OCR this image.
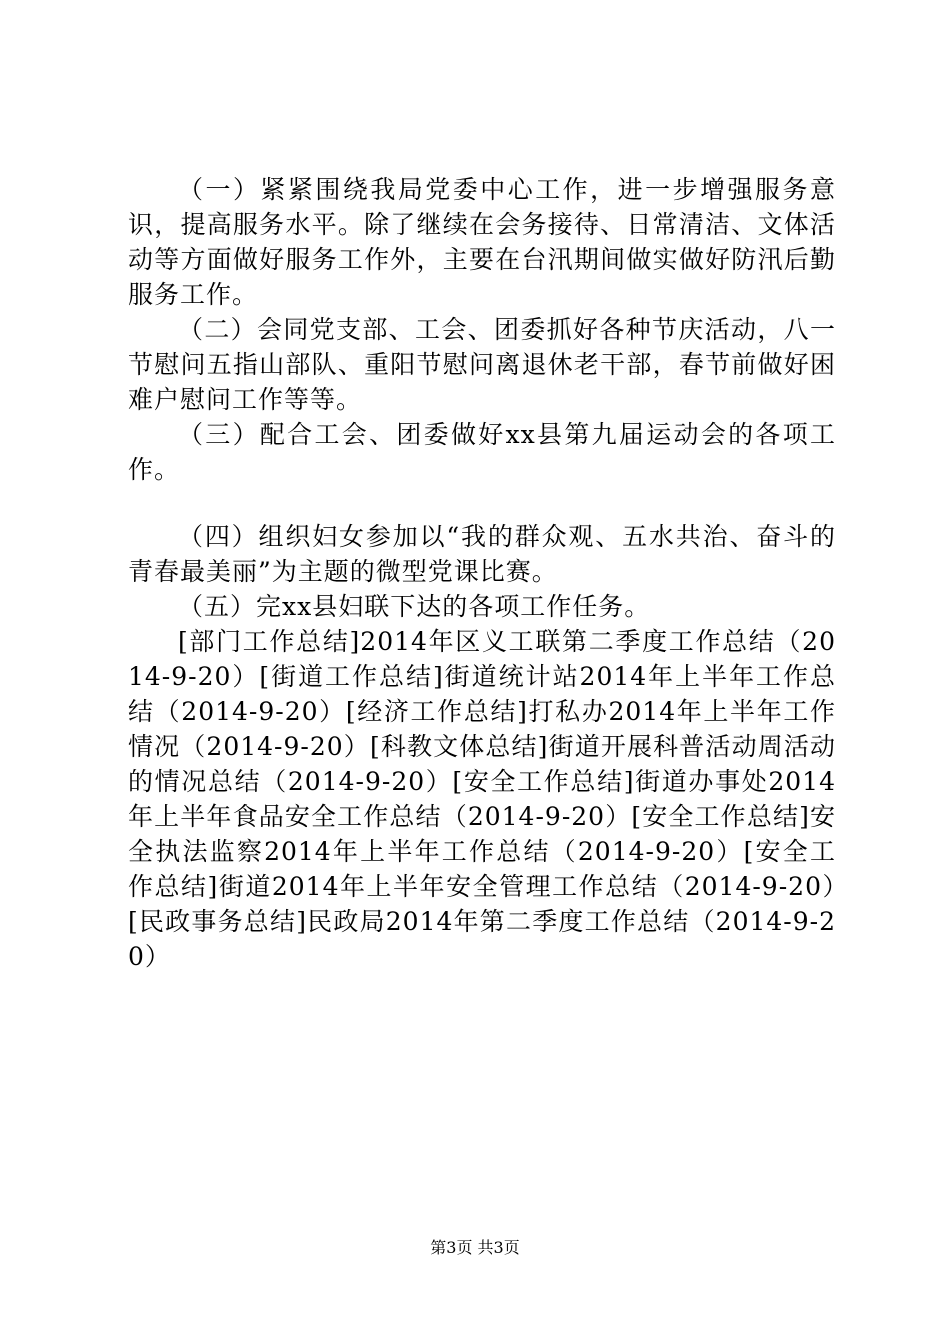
（一）紧紧围绕我局党委中心工作，进一步增强服务意识，提高服务水平。除了继续在会务接待、日常清洁、文体活动等方面做好服务工作外，主要在台汛期间做实做好防汛后勤服务工作。

（二）会同党支部、工会、团委抓好各种节庆活动，八一节慰问五指山部队、重阳节慰问离退休老干部，春节前做好困难户慰问工作等等。

（三）配合工会、团委做好xx县第九届运动会的各项工作。

（四）组织妇女参加以“我的群众观、五水共治、奋斗的青春最美丽”为主题的微型党课比赛。

（五）完xx县妇联下达的各项工作任务。

[部门工作总结]2014年区义工联第二季度工作总结（2014-9-20）[街道工作总结]街道统计站2014年上半年工作总结（2014-9-20）[经济工作总结]打私办2014年上半年工作情况（2014-9-20）[科教文体总结]街道开展科普活动周活动的情况总结（2014-9-20）[安全工作总结]街道办事处2014年上半年食品安全工作总结（2014-9-20）[安全工作总结]安全执法监察2014年上半年工作总结（2014-9-20）[安全工作总结]街道2014年上半年安全管理工作总结（2014-9-20）[民政事务总结]民政局2014年第二季度工作总结（2014-9-20）

第3页 共3页
